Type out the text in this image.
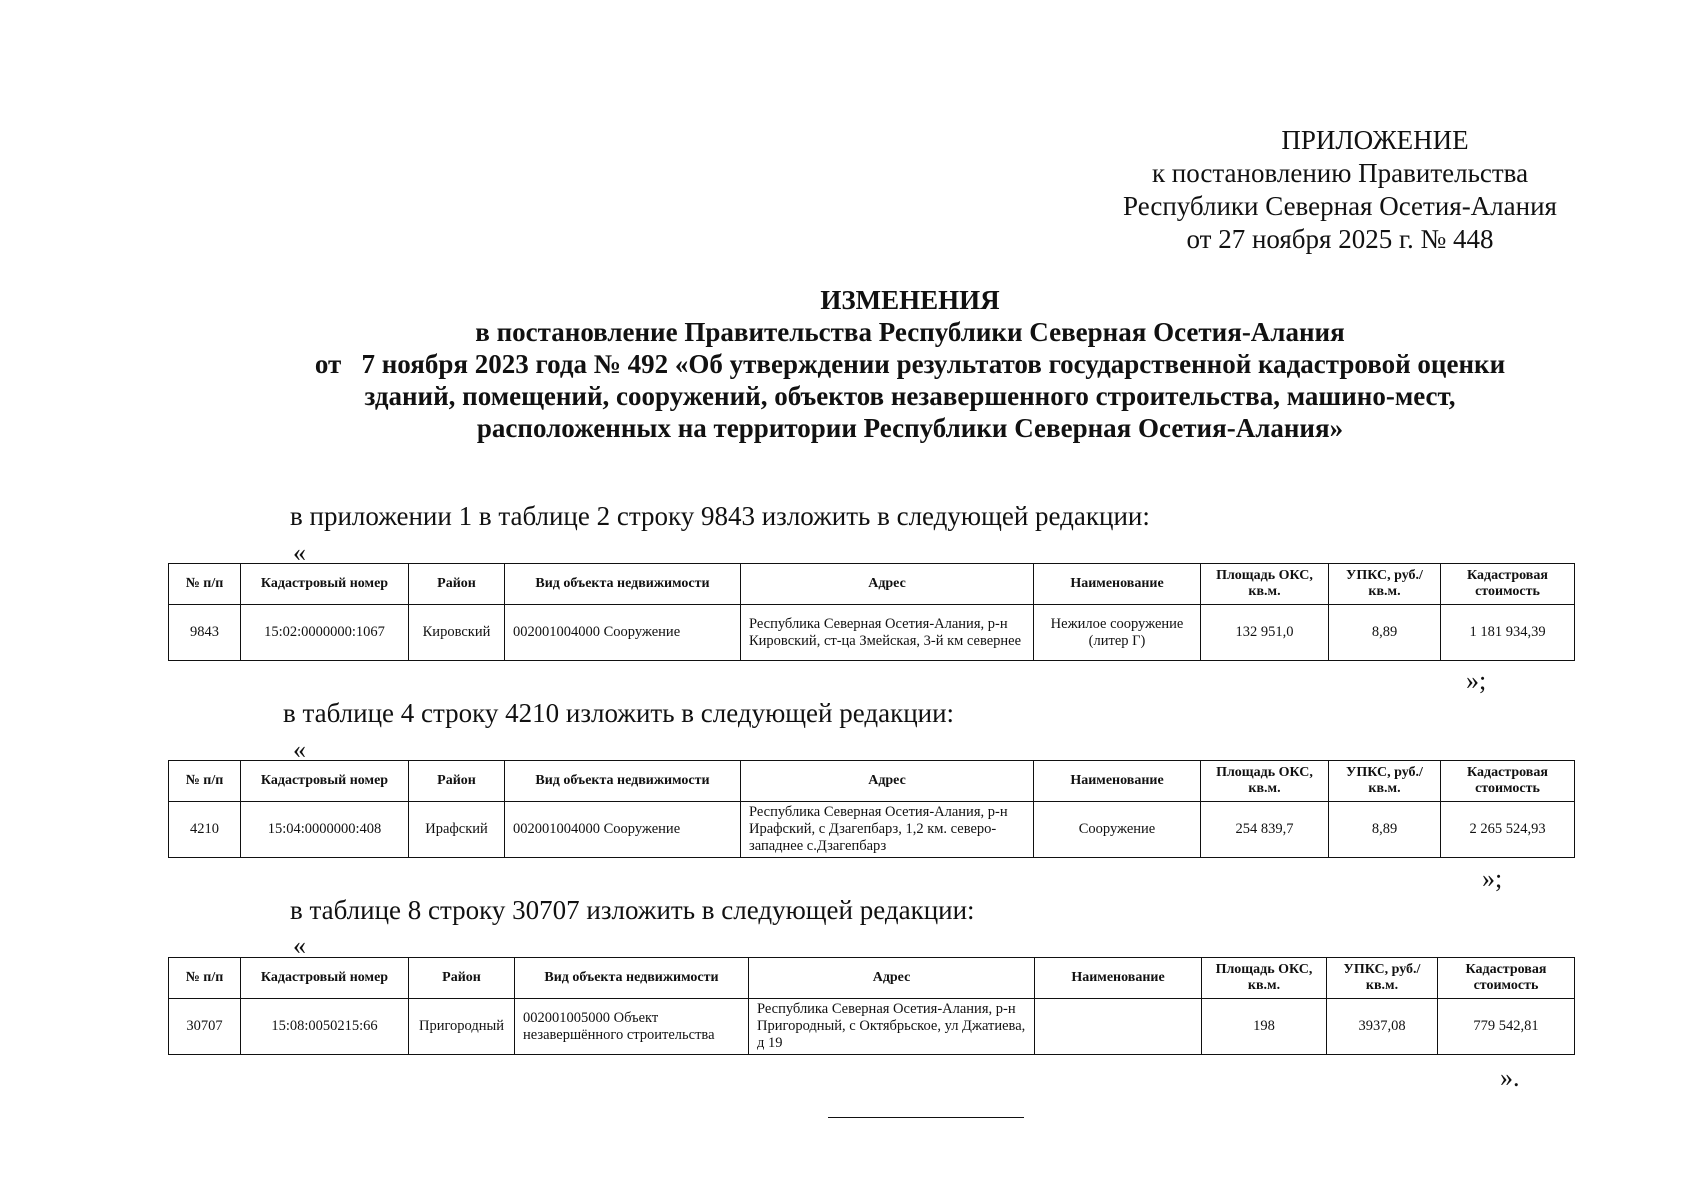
ПРИЛОЖЕНИЕ
к постановлению Правительства
Республики Северная Осетия-Алания
от 27 ноября 2025 г. № 448
ИЗМЕНЕНИЯ
в постановление Правительства Республики Северная Осетия-Алания
от   7 ноября 2023 года № 492 «Об утверждении результатов государственной кадастровой оценки
зданий, помещений, сооружений, объектов незавершенного строительства, машино-мест,
расположенных на территории Республики Северная Осетия-Алания»
в приложении 1 в таблице 2 строку 9843 изложить в следующей редакции:
«
№ п/п	Кадастровый номер	Район	Вид объекта недвижимости	Адрес	Наименование	Площадь ОКС, кв.м.	УПКС, руб./кв.м.	Кадастровая стоимость
9843	15:02:0000000:1067	Кировский	002001004000 Сооружение	Республика Северная Осетия-Алания, р-н Кировский, ст-ца Змейская, 3-й км севернее	Нежилое сооружение (литер Г)	132 951,0	8,89	1 181 934,39
»;
в таблице 4 строку 4210 изложить в следующей редакции:
«
№ п/п	Кадастровый номер	Район	Вид объекта недвижимости	Адрес	Наименование	Площадь ОКС, кв.м.	УПКС, руб./кв.м.	Кадастровая стоимость
4210	15:04:0000000:408	Ирафский	002001004000 Сооружение	Республика Северная Осетия-Алания, р-н Ирафский, с Дзагепбарз, 1,2 км. северо-западнее с.Дзагепбарз	Сооружение	254 839,7	8,89	2 265 524,93
»;
в таблице 8 строку 30707 изложить в следующей редакции:
«
№ п/п	Кадастровый номер	Район	Вид объекта недвижимости	Адрес	Наименование	Площадь ОКС, кв.м.	УПКС, руб./кв.м.	Кадастровая стоимость
30707	15:08:0050215:66	Пригородный	002001005000 Объект незавершённого строительства	Республика Северная Осетия-Алания, р-н Пригородный, с Октябрьское, ул Джатиева, д 19		198	3937,08	779 542,81
».
